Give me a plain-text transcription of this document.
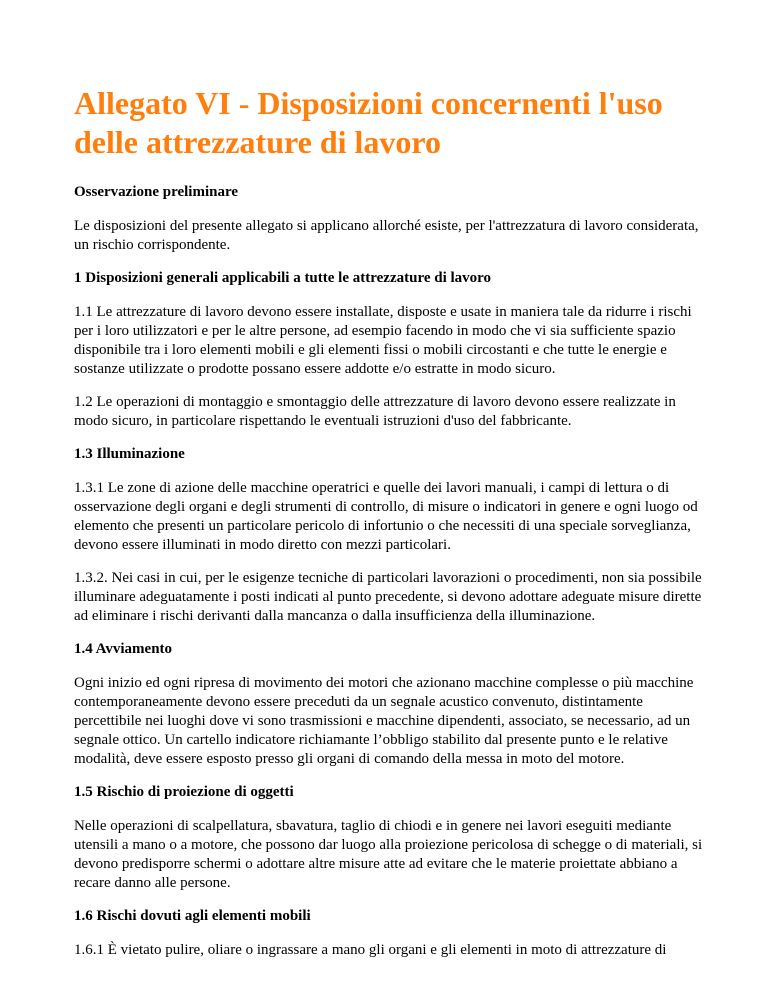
Allegato VI - Disposizioni concernenti l'uso delle attrezzature di lavoro

Osservazione preliminare

Le disposizioni del presente allegato si applicano allorché esiste, per l'attrezzatura di lavoro considerata, un rischio corrispondente.

1 Disposizioni generali applicabili a tutte le attrezzature di lavoro

1.1 Le attrezzature di lavoro devono essere installate, disposte e usate in maniera tale da ridurre i rischi per i loro utilizzatori e per le altre persone, ad esempio facendo in modo che vi sia sufficiente spazio disponibile tra i loro elementi mobili e gli elementi fissi o mobili circostanti e che tutte le energie e sostanze utilizzate o prodotte possano essere addotte e/o estratte in modo sicuro.

1.2 Le operazioni di montaggio e smontaggio delle attrezzature di lavoro devono essere realizzate in modo sicuro, in particolare rispettando le eventuali istruzioni d'uso del fabbricante.

1.3 Illuminazione

1.3.1 Le zone di azione delle macchine operatrici e quelle dei lavori manuali, i campi di lettura o di osservazione degli organi e degli strumenti di controllo, di misure o indicatori in genere e ogni luogo od elemento che presenti un particolare pericolo di infortunio o che necessiti di una speciale sorveglianza, devono essere illuminati in modo diretto con mezzi particolari.

1.3.2. Nei casi in cui, per le esigenze tecniche di particolari lavorazioni o procedimenti, non sia possibile illuminare adeguatamente i posti indicati al punto precedente, si devono adottare adeguate misure dirette ad eliminare i rischi derivanti dalla mancanza o dalla insufficienza della illuminazione.

1.4 Avviamento

Ogni inizio ed ogni ripresa di movimento dei motori che azionano macchine complesse o più macchine contemporaneamente devono essere preceduti da un segnale acustico convenuto, distintamente percettibile nei luoghi dove vi sono trasmissioni e macchine dipendenti, associato, se necessario, ad un segnale ottico. Un cartello indicatore richiamante l’obbligo stabilito dal presente punto e le relative modalità, deve essere esposto presso gli organi di comando della messa in moto del motore.

1.5 Rischio di proiezione di oggetti

Nelle operazioni di scalpellatura, sbavatura, taglio di chiodi e in genere nei lavori eseguiti mediante utensili a mano o a motore, che possono dar luogo alla proiezione pericolosa di schegge o di materiali, si devono predisporre schermi o adottare altre misure atte ad evitare che le materie proiettate abbiano a recare danno alle persone.

1.6 Rischi dovuti agli elementi mobili

1.6.1 È vietato pulire, oliare o ingrassare a mano gli organi e gli elementi in moto di attrezzature di
